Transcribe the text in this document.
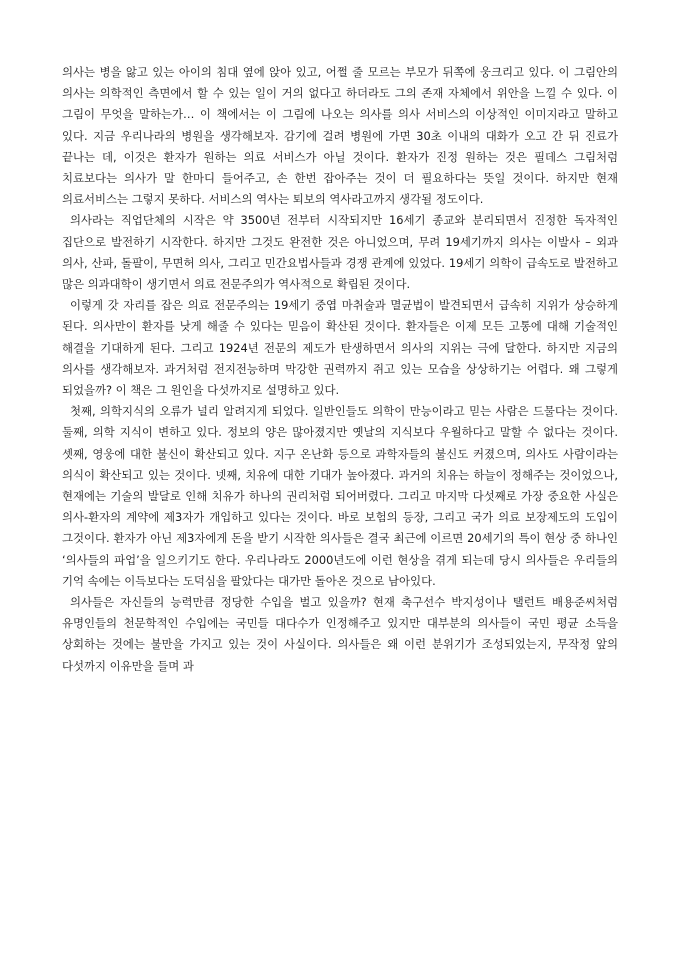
의사는 병을 앓고 있는 아이의 침대 옆에 앉아 있고, 어쩔 줄 모르는 부모가 뒤쪽에 웅크리고 있다. 이 그림안의 의사는 의학적인 측면에서 할 수 있는 일이 거의 없다고 하더라도 그의 존재 자체에서 위안을 느낄 수 있다. 이 그림이 무엇을 말하는가… 이 책에서는 이 그림에 나오는 의사를 의사 서비스의 이상적인 이미지라고 말하고 있다. 지금 우리나라의 병원을 생각해보자. 감기에 걸려 병원에 가면 30초 이내의 대화가 오고 간 뒤 진료가 끝나는 데, 이것은 환자가 원하는 의료 서비스가 아닐 것이다. 환자가 진정 원하는 것은 필데스 그림처럼 치료보다는 의사가 말 한마디 들어주고, 손 한번 잡아주는 것이 더 필요하다는 뜻일 것이다. 하지만 현재 의료서비스는 그렇지 못하다. 서비스의 역사는 퇴보의 역사라고까지 생각될 정도이다.

의사라는 직업단체의 시작은 약 3500년 전부터 시작되지만 16세기 종교와 분리되면서 진정한 독자적인 집단으로 발전하기 시작한다. 하지만 그것도 완전한 것은 아니었으며, 무려 19세기까지 의사는 이발사 – 외과 의사, 산파, 돌팔이, 무면허 의사, 그리고 민간요법사들과 경쟁 관계에 있었다. 19세기 의학이 급속도로 발전하고 많은 의과대학이 생기면서 의료 전문주의가 역사적으로 확립된 것이다.

이렇게 갓 자리를 잡은 의료 전문주의는 19세기 중엽 마취술과 멸균법이 발견되면서 급속히 지위가 상승하게 된다. 의사만이 환자를 낫게 해줄 수 있다는 믿음이 확산된 것이다. 환자들은 이제 모든 고통에 대해 기술적인 해결을 기대하게 된다. 그리고 1924년 전문의 제도가 탄생하면서 의사의 지위는 극에 달한다. 하지만 지금의 의사를 생각해보자. 과거처럼 전지전능하며 막강한 권력까지 쥐고 있는 모습을 상상하기는 어렵다. 왜 그렇게 되었을까? 이 책은 그 원인을 다섯까지로 설명하고 있다.

첫째, 의학지식의 오류가 널리 알려지게 되었다. 일반인들도 의학이 만능이라고 믿는 사람은 드물다는 것이다. 둘째, 의학 지식이 변하고 있다. 정보의 양은 많아졌지만 옛날의 지식보다 우월하다고 말할 수 없다는 것이다. 셋째, 영웅에 대한 불신이 확산되고 있다. 지구 온난화 등으로 과학자들의 불신도 커졌으며, 의사도 사람이라는 의식이 확산되고 있는 것이다. 넷째, 치유에 대한 기대가 높아졌다. 과거의 치유는 하늘이 정해주는 것이었으나, 현재에는 기술의 발달로 인해 치유가 하나의 권리처럼 되어버렸다. 그리고 마지막 다섯째로 가장 중요한 사실은 의사-환자의 계약에 제3자가 개입하고 있다는 것이다. 바로 보험의 등장, 그리고 국가 의료 보장제도의 도입이 그것이다. 환자가 아닌 제3자에게 돈을 받기 시작한 의사들은 결국 최근에 이르면 20세기의 특이 현상 중 하나인 ‘의사들의 파업’을 일으키기도 한다. 우리나라도 2000년도에 이런 현상을 겪게 되는데 당시 의사들은 우리들의 기억 속에는 이득보다는 도덕심을 팔았다는 대가만 돌아온 것으로 남아있다.

의사들은 자신들의 능력만큼 정당한 수입을 벌고 있을까? 현재 축구선수 박지성이나 탤런트 배용준씨처럼 유명인들의 천문학적인 수입에는 국민들 대다수가 인정해주고 있지만 대부분의 의사들이 국민 평균 소득을 상회하는 것에는 불만을 가지고 있는 것이 사실이다. 의사들은 왜 이런 분위기가 조성되었는지, 무작정 앞의 다섯까지 이유만을 들며 과
